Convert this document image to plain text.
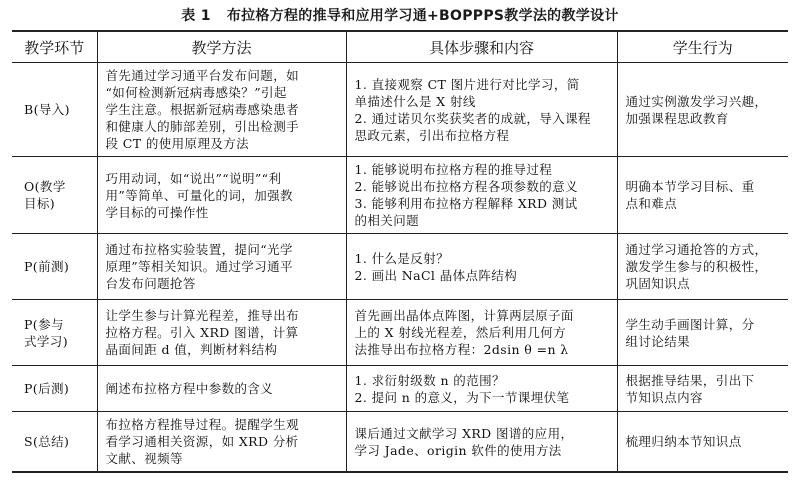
表 1 布拉格方程的推导和应用学习通+BOPPPS教学法的教学设计
教学环节	教学方法	具体步骤和内容	学生行为

B(导入)	首先通过学习通平台发布问题，如
“如何检测新冠病毒感染？”引起
学生注意。根据新冠病毒感染患者
和健康人的肺部差别，引出检测手
段 CT 的使用原理及方法	1. 直接观察 CT 图片进行对比学习，简
单描述什么是 X 射线
2. 通过诺贝尔奖获奖者的成就，导入课程
思政元素，引出布拉格方程	通过实例激发学习兴趣，
加强课程思政教育

O(教学
目标)	巧用动词，如“说出”“说明”“利
用”等简单、可量化的词，加强教
学目标的可操作性	1. 能够说明布拉格方程的推导过程
2. 能够说出布拉格方程各项参数的意义
3. 能够利用布拉格方程解释 XRD 测试
的相关问题	明确本节学习目标、重
点和难点

P(前测)	通过布拉格实验装置，提问“光学
原理”等相关知识。通过学习通平
台发布问题抢答	1. 什么是反射？
2. 画出 NaCl 晶体点阵结构	通过学习通抢答的方式，
激发学生参与的积极性，
巩固知识点

P(参与
式学习)	让学生参与计算光程差，推导出布
拉格方程。引入 XRD 图谱，计算
晶面间距 d 值，判断材料结构	首先画出晶体点阵图，计算两层原子面
上的 X 射线光程差，然后利用几何方
法推导出布拉格方程：2dsin θ =n λ	学生动手画图计算，分
组讨论结果

P(后测)	阐述布拉格方程中参数的含义	1. 求衍射级数 n 的范围？
2. 提问 n 的意义，为下一节课埋伏笔	根据推导结果，引出下
节知识点内容

S(总结)	布拉格方程推导过程。提醒学生观
看学习通相关资源，如 XRD 分析
文献、视频等	课后通过文献学习 XRD 图谱的应用，
学习 Jade、origin 软件的使用方法	梳理归纳本节知识点
